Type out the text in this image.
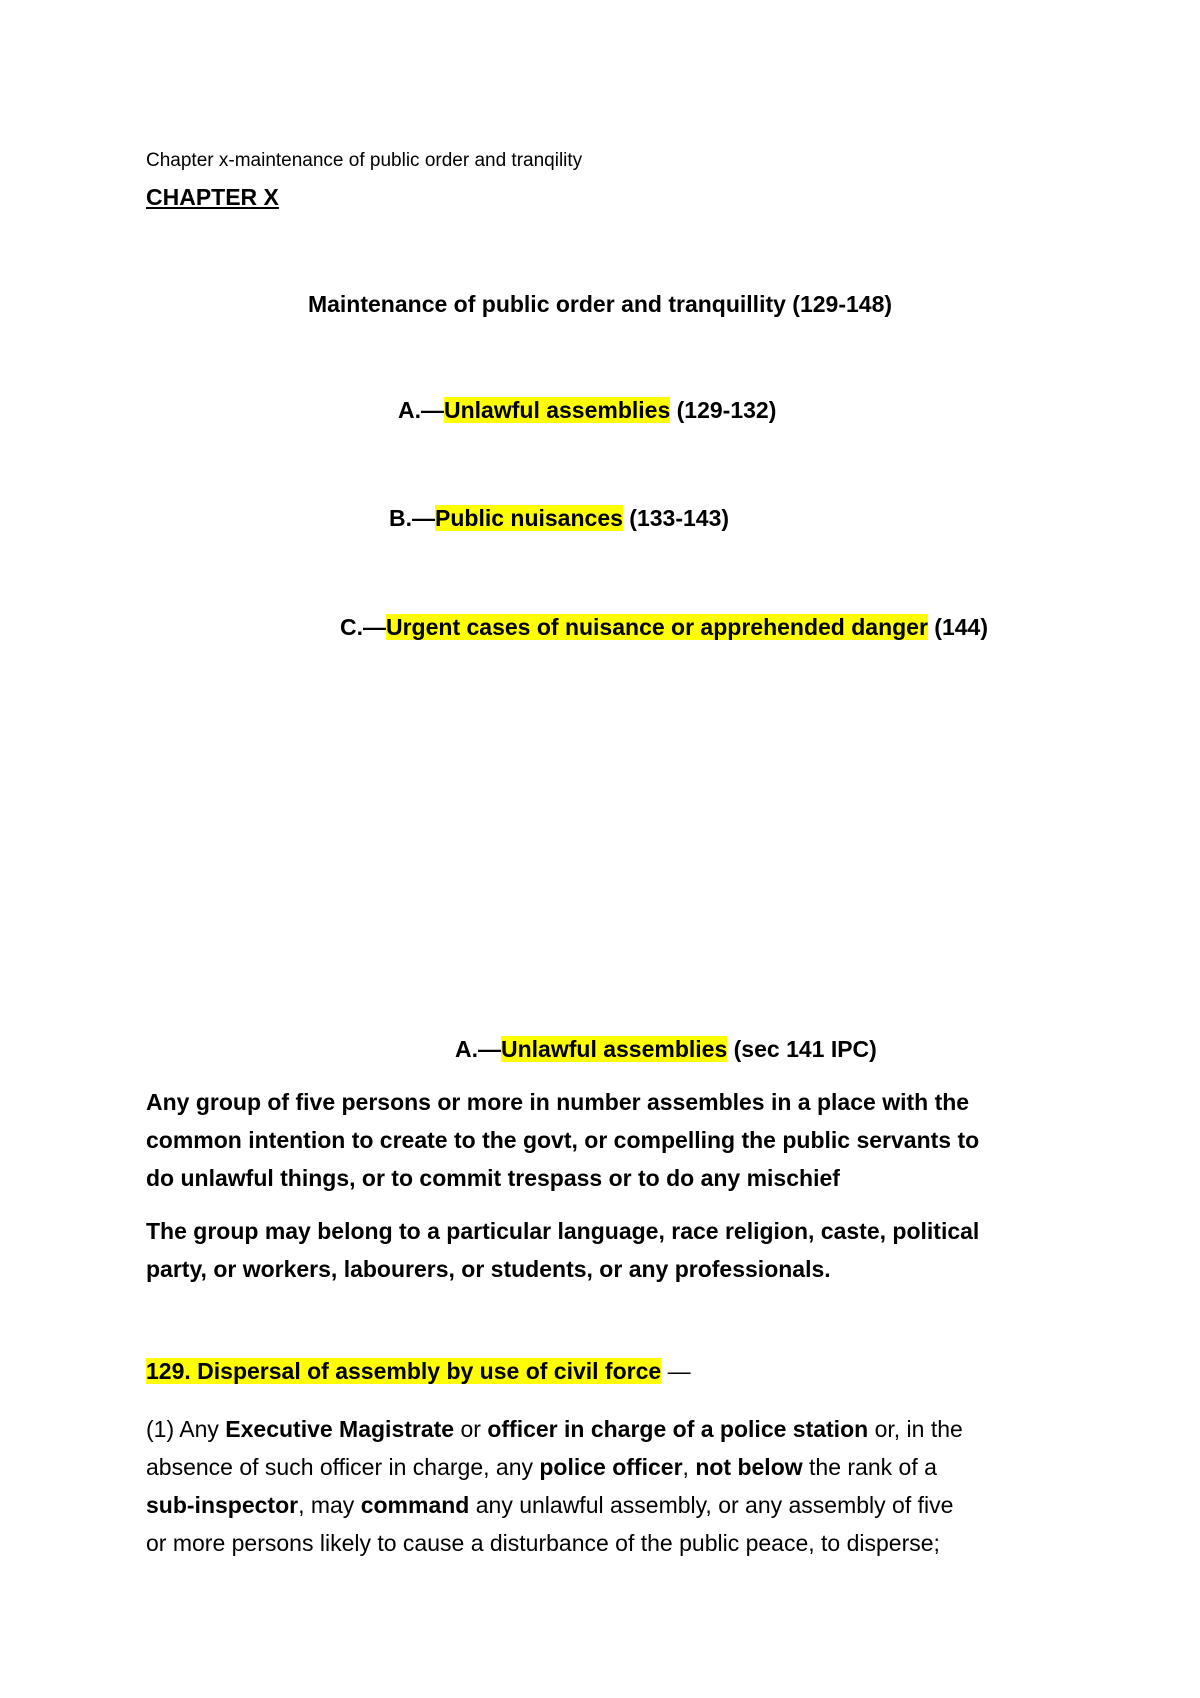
Chapter x-maintenance of public order and tranqility
CHAPTER X
Maintenance of public order and tranquillity (129-148)
A.—Unlawful assemblies (129-132)
B.—Public nuisances (133-143)
C.—Urgent cases of nuisance or apprehended danger (144)
A.—Unlawful assemblies (sec 141 IPC)
Any group of five persons or more in number assembles in a place with the
common intention to create to the govt, or compelling the public servants to
do unlawful things, or to commit trespass or to do any mischief
The group may belong to a particular language, race religion, caste, political
party, or workers, labourers, or students, or any professionals.
129. Dispersal of assembly by use of civil force —
(1) Any Executive Magistrate or officer in charge of a police station or, in the
absence of such officer in charge, any police officer, not below the rank of a
sub-inspector, may command any unlawful assembly, or any assembly of five
or more persons likely to cause a disturbance of the public peace, to disperse;
